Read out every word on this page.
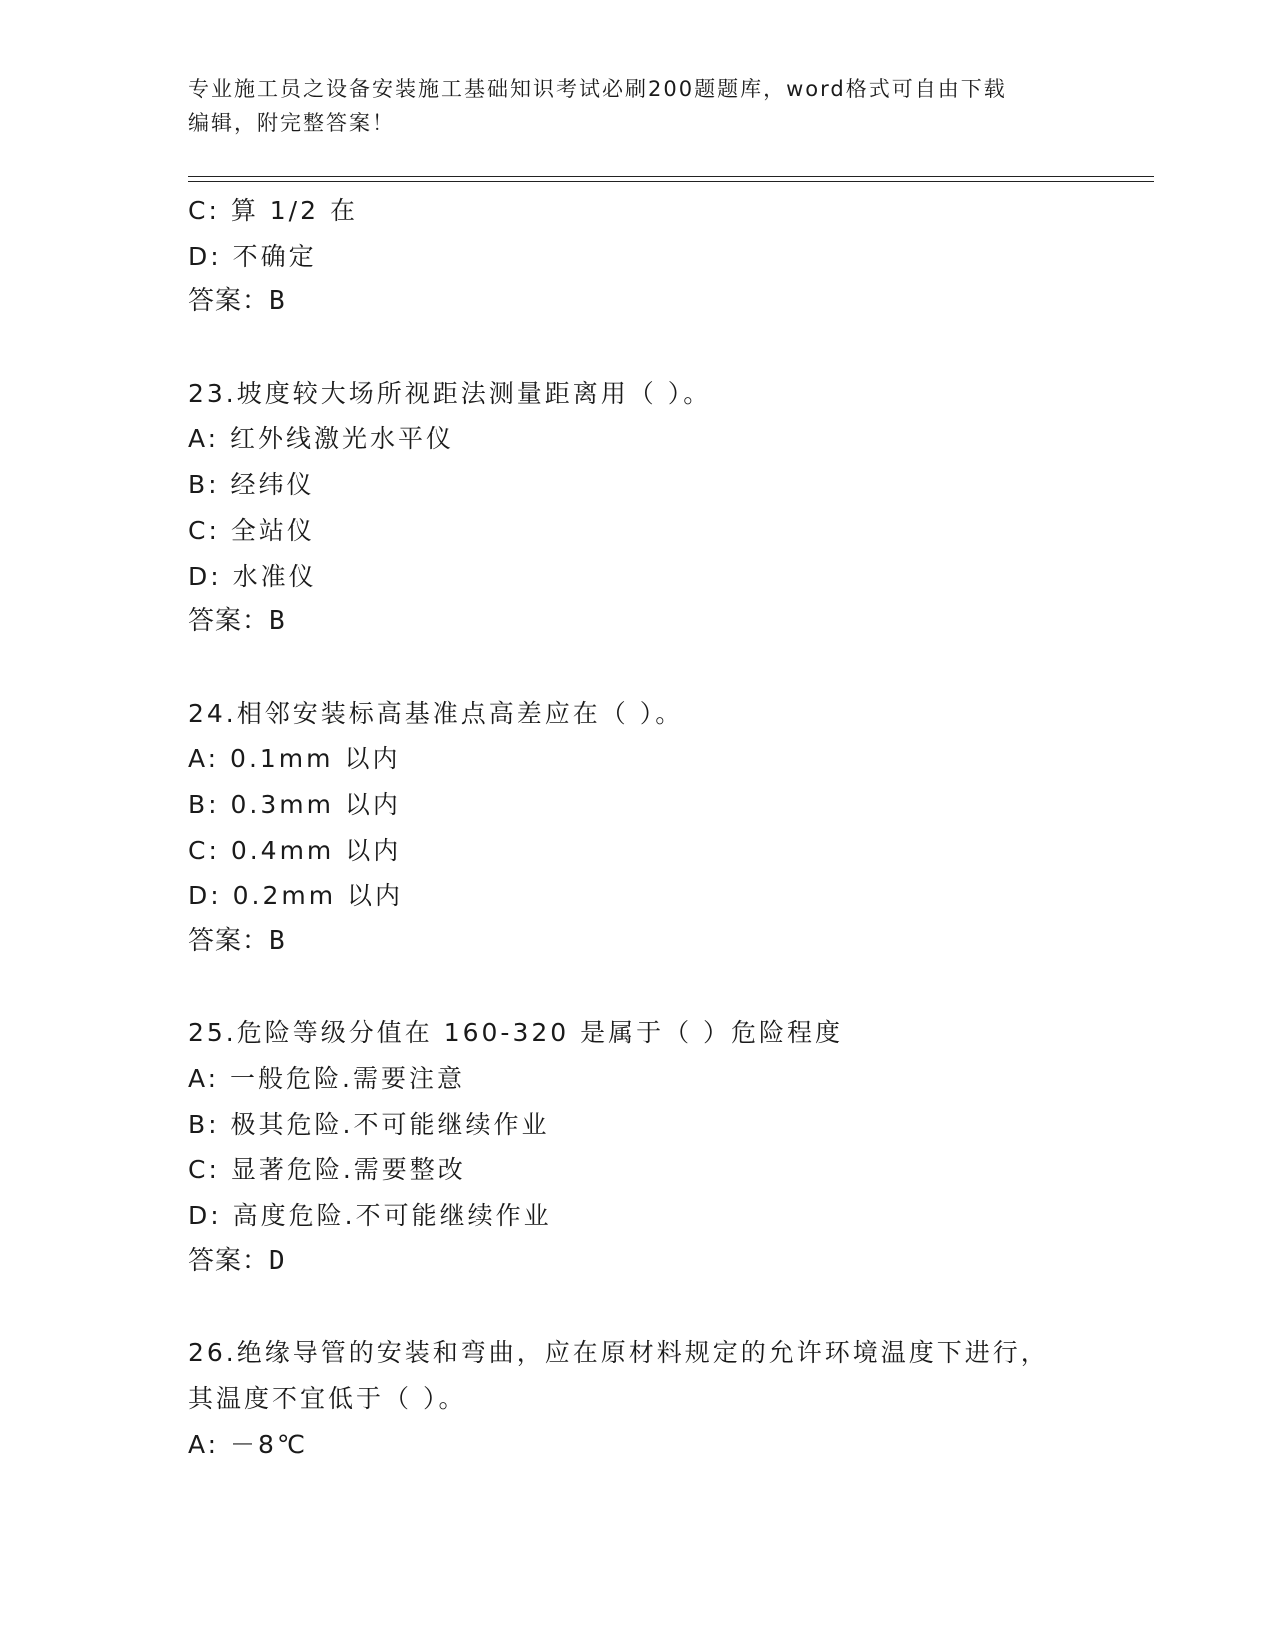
专业施工员之设备安装施工基础知识考试必刷200题题库，word格式可自由下载
编辑，附完整答案！
C: 算 1/2 在
D: 不确定
答案：B
23.坡度较大场所视距法测量距离用（ ）。
A: 红外线激光水平仪
B: 经纬仪
C: 全站仪
D: 水准仪
答案：B
24.相邻安装标高基准点高差应在（ ）。
A: 0.1mm 以内
B: 0.3mm 以内
C: 0.4mm 以内
D: 0.2mm 以内
答案：B
25.危险等级分值在 160-320 是属于（ ）危险程度
A: 一般危险.需要注意
B: 极其危险.不可能继续作业
C: 显著危险.需要整改
D: 高度危险.不可能继续作业
答案：D
26.绝缘导管的安装和弯曲，应在原材料规定的允许环境温度下进行，
其温度不宜低于（ ）。
A: －8℃
